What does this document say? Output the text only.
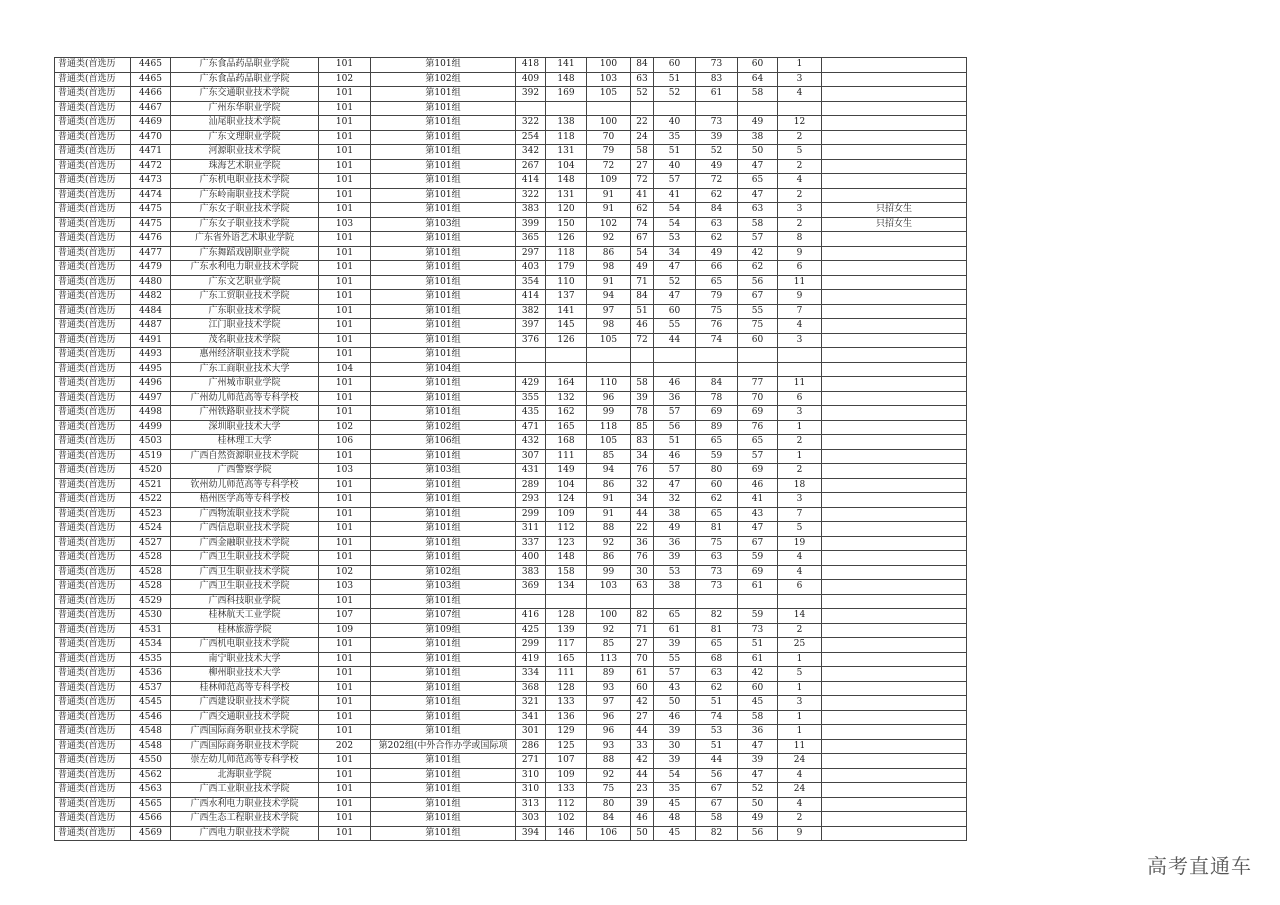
普通类(首选历	4465	广东食品药品职业学院	101	第101组	418	141	100	84	60	73	60	1	
普通类(首选历	4465	广东食品药品职业学院	102	第102组	409	148	103	63	51	83	64	3	
普通类(首选历	4466	广东交通职业技术学院	101	第101组	392	169	105	52	52	61	58	4	
普通类(首选历	4467	广州东华职业学院	101	第101组									
普通类(首选历	4469	汕尾职业技术学院	101	第101组	322	138	100	22	40	73	49	12	
普通类(首选历	4470	广东文理职业学院	101	第101组	254	118	70	24	35	39	38	2	
普通类(首选历	4471	河源职业技术学院	101	第101组	342	131	79	58	51	52	50	5	
普通类(首选历	4472	珠海艺术职业学院	101	第101组	267	104	72	27	40	49	47	2	
普通类(首选历	4473	广东机电职业技术学院	101	第101组	414	148	109	72	57	72	65	4	
普通类(首选历	4474	广东岭南职业技术学院	101	第101组	322	131	91	41	41	62	47	2	
普通类(首选历	4475	广东女子职业技术学院	101	第101组	383	120	91	62	54	84	63	3	只招女生
普通类(首选历	4475	广东女子职业技术学院	103	第103组	399	150	102	74	54	63	58	2	只招女生
普通类(首选历	4476	广东省外语艺术职业学院	101	第101组	365	126	92	67	53	62	57	8	
普通类(首选历	4477	广东舞蹈戏剧职业学院	101	第101组	297	118	86	54	34	49	42	9	
普通类(首选历	4479	广东水利电力职业技术学院	101	第101组	403	179	98	49	47	66	62	6	
普通类(首选历	4480	广东文艺职业学院	101	第101组	354	110	91	71	52	65	56	11	
普通类(首选历	4482	广东工贸职业技术学院	101	第101组	414	137	94	84	47	79	67	9	
普通类(首选历	4484	广东职业技术学院	101	第101组	382	141	97	51	60	75	55	7	
普通类(首选历	4487	江门职业技术学院	101	第101组	397	145	98	46	55	76	75	4	
普通类(首选历	4491	茂名职业技术学院	101	第101组	376	126	105	72	44	74	60	3	
普通类(首选历	4493	惠州经济职业技术学院	101	第101组									
普通类(首选历	4495	广东工商职业技术大学	104	第104组									
普通类(首选历	4496	广州城市职业学院	101	第101组	429	164	110	58	46	84	77	11	
普通类(首选历	4497	广州幼儿师范高等专科学校	101	第101组	355	132	96	39	36	78	70	6	
普通类(首选历	4498	广州铁路职业技术学院	101	第101组	435	162	99	78	57	69	69	3	
普通类(首选历	4499	深圳职业技术大学	102	第102组	471	165	118	85	56	89	76	1	
普通类(首选历	4503	桂林理工大学	106	第106组	432	168	105	83	51	65	65	2	
普通类(首选历	4519	广西自然资源职业技术学院	101	第101组	307	111	85	34	46	59	57	1	
普通类(首选历	4520	广西警察学院	103	第103组	431	149	94	76	57	80	69	2	
普通类(首选历	4521	钦州幼儿师范高等专科学校	101	第101组	289	104	86	32	47	60	46	18	
普通类(首选历	4522	梧州医学高等专科学校	101	第101组	293	124	91	34	32	62	41	3	
普通类(首选历	4523	广西物流职业技术学院	101	第101组	299	109	91	44	38	65	43	7	
普通类(首选历	4524	广西信息职业技术学院	101	第101组	311	112	88	22	49	81	47	5	
普通类(首选历	4527	广西金融职业技术学院	101	第101组	337	123	92	36	36	75	67	19	
普通类(首选历	4528	广西卫生职业技术学院	101	第101组	400	148	86	76	39	63	59	4	
普通类(首选历	4528	广西卫生职业技术学院	102	第102组	383	158	99	30	53	73	69	4	
普通类(首选历	4528	广西卫生职业技术学院	103	第103组	369	134	103	63	38	73	61	6	
普通类(首选历	4529	广西科技职业学院	101	第101组									
普通类(首选历	4530	桂林航天工业学院	107	第107组	416	128	100	82	65	82	59	14	
普通类(首选历	4531	桂林旅游学院	109	第109组	425	139	92	71	61	81	73	2	
普通类(首选历	4534	广西机电职业技术学院	101	第101组	299	117	85	27	39	65	51	25	
普通类(首选历	4535	南宁职业技术大学	101	第101组	419	165	113	70	55	68	61	1	
普通类(首选历	4536	柳州职业技术大学	101	第101组	334	111	89	61	57	63	42	5	
普通类(首选历	4537	桂林师范高等专科学校	101	第101组	368	128	93	60	43	62	60	1	
普通类(首选历	4545	广西建设职业技术学院	101	第101组	321	133	97	42	50	51	45	3	
普通类(首选历	4546	广西交通职业技术学院	101	第101组	341	136	96	27	46	74	58	1	
普通类(首选历	4548	广西国际商务职业技术学院	101	第101组	301	129	96	44	39	53	36	1	
普通类(首选历	4548	广西国际商务职业技术学院	202	第202组(中外合作办学或国际项	286	125	93	33	30	51	47	11	
普通类(首选历	4550	崇左幼儿师范高等专科学校	101	第101组	271	107	88	42	39	44	39	24	
普通类(首选历	4562	北海职业学院	101	第101组	310	109	92	44	54	56	47	4	
普通类(首选历	4563	广西工业职业技术学院	101	第101组	310	133	75	23	35	67	52	24	
普通类(首选历	4565	广西水利电力职业技术学院	101	第101组	313	112	80	39	45	67	50	4	
普通类(首选历	4566	广西生态工程职业技术学院	101	第101组	303	102	84	46	48	58	49	2	
普通类(首选历	4569	广西电力职业技术学院	101	第101组	394	146	106	50	45	82	56	9	
高考直通车
